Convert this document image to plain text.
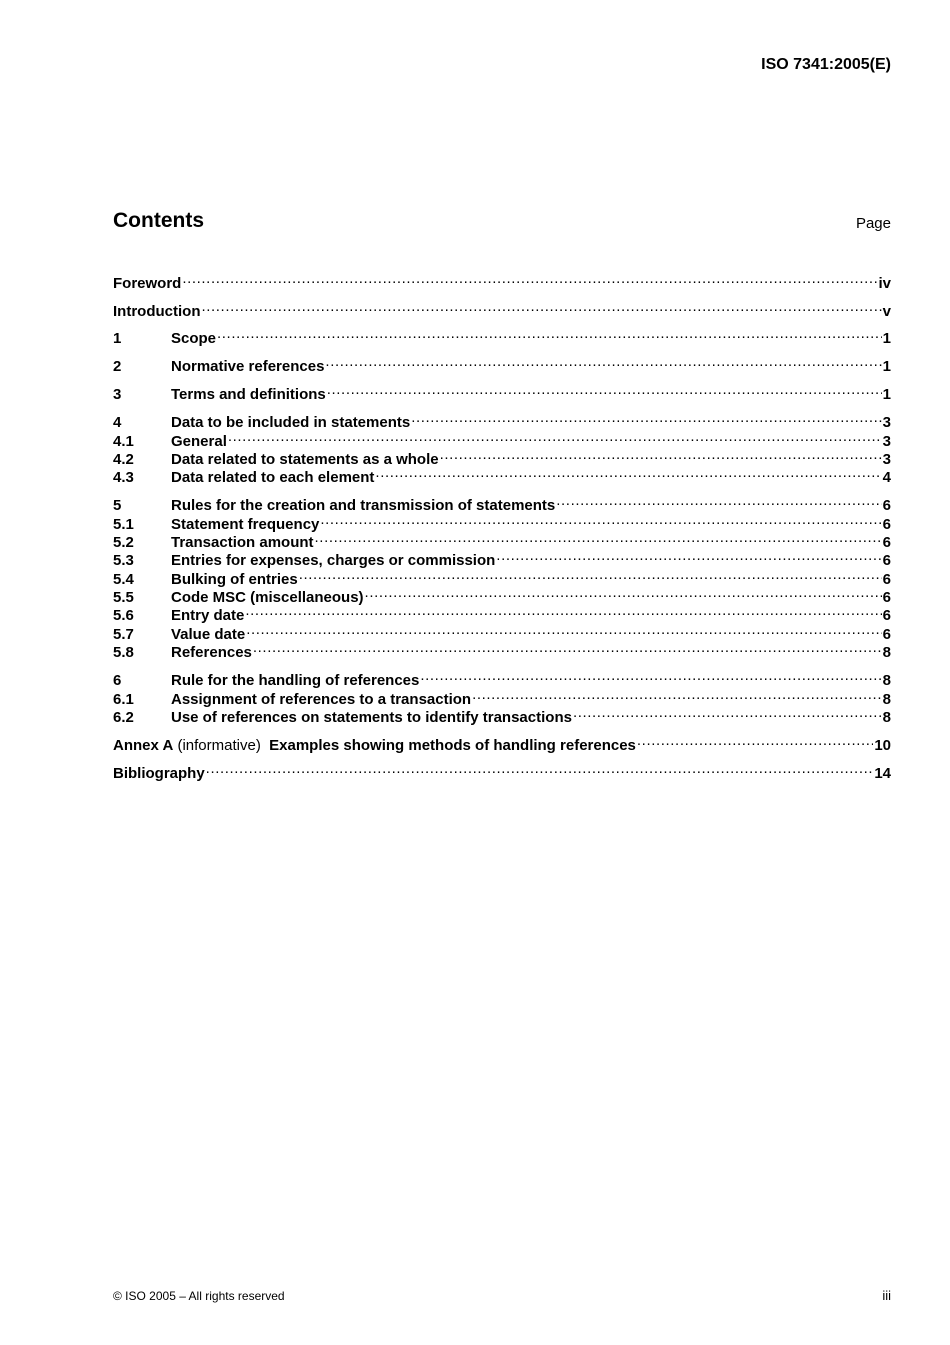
ISO 7341:2005(E)
Contents	Page
Foreword .....	iv
Introduction .....	v
1	Scope .....	1
2	Normative references .....	1
3	Terms and definitions .....	1
4	Data to be included in statements .....	3
4.1	General .....	3
4.2	Data related to statements as a whole .....	3
4.3	Data related to each element .....	4
5	Rules for the creation and transmission of statements .....	6
5.1	Statement frequency .....	6
5.2	Transaction amount .....	6
5.3	Entries for expenses, charges or commission .....	6
5.4	Bulking of entries .....	6
5.5	Code MSC (miscellaneous) .....	6
5.6	Entry date .....	6
5.7	Value date .....	6
5.8	References .....	8
6	Rule for the handling of references .....	8
6.1	Assignment of references to a transaction .....	8
6.2	Use of references on statements to identify transactions .....	8
Annex A (informative)  Examples showing methods of handling references .....	10
Bibliography .....	14
© ISO 2005 – All rights reserved	iii
